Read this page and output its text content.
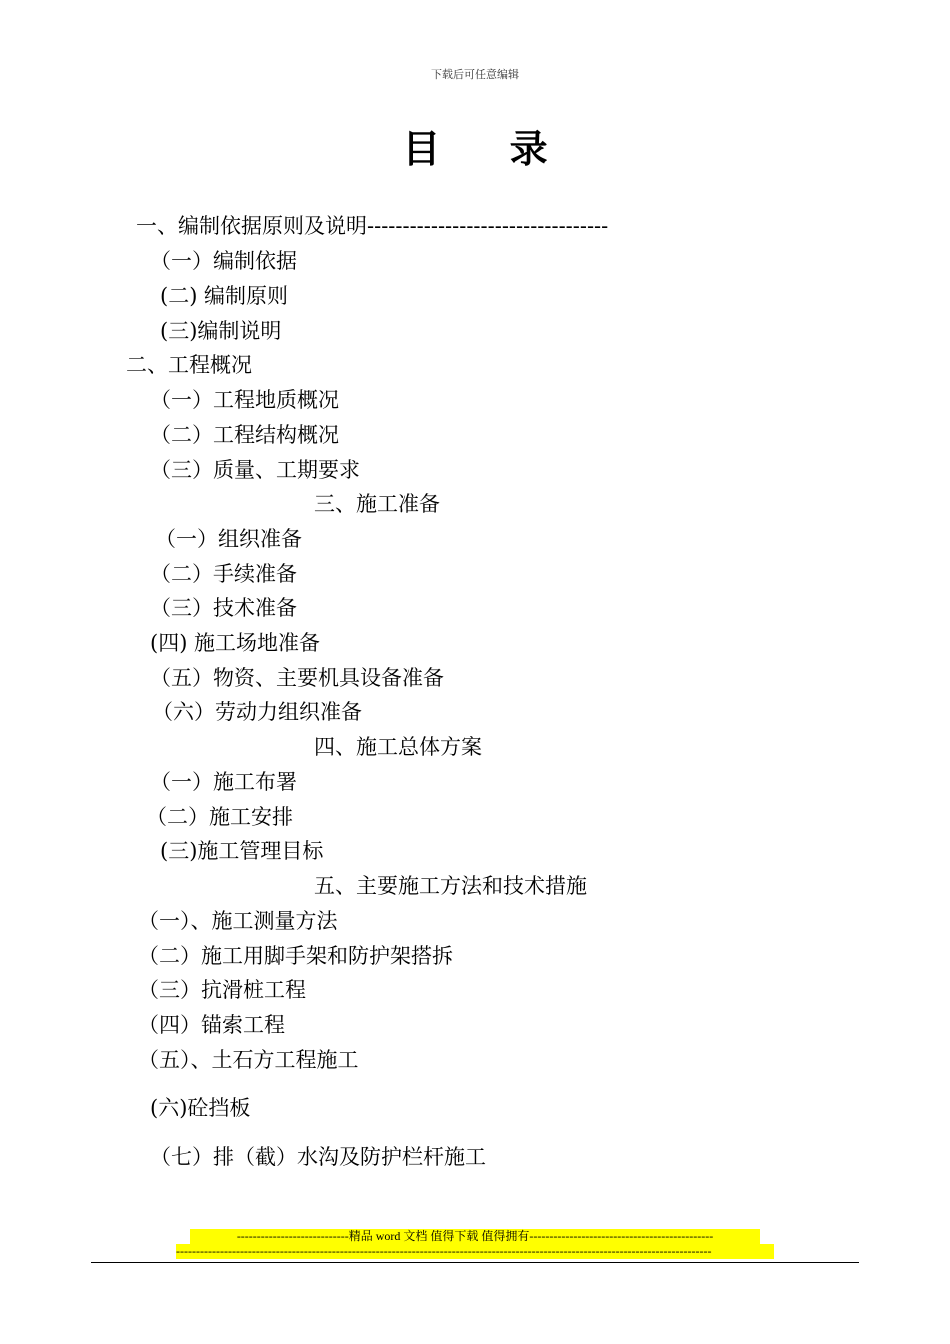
下载后可任意编辑
目 录
一、编制依据原则及说明----------------------------------
（一）编制依据
(二) 编制原则
(三)编制说明
二、工程概况
（一）工程地质概况
（二）工程结构概况
（三）质量、工期要求
三、施工准备
（一）组织准备
（二）手续准备
（三）技术准备
(四) 施工场地准备
（五）物资、主要机具设备准备
（六）劳动力组织准备
四、施工总体方案
（一）施工布署
（二）施工安排
(三)施工管理目标
五、主要施工方法和技术措施
（一）、施工测量方法
（二）施工用脚手架和防护架搭拆
（三）抗滑桩工程
（四）锚索工程
（五）、土石方工程施工
(六)砼挡板
（七）排（截）水沟及防护栏杆施工
----------------------------精品 word 文档 值得下载 值得拥有----------------------------------------------
--------------------------------------------------------------------------------------------------------------------------------------
